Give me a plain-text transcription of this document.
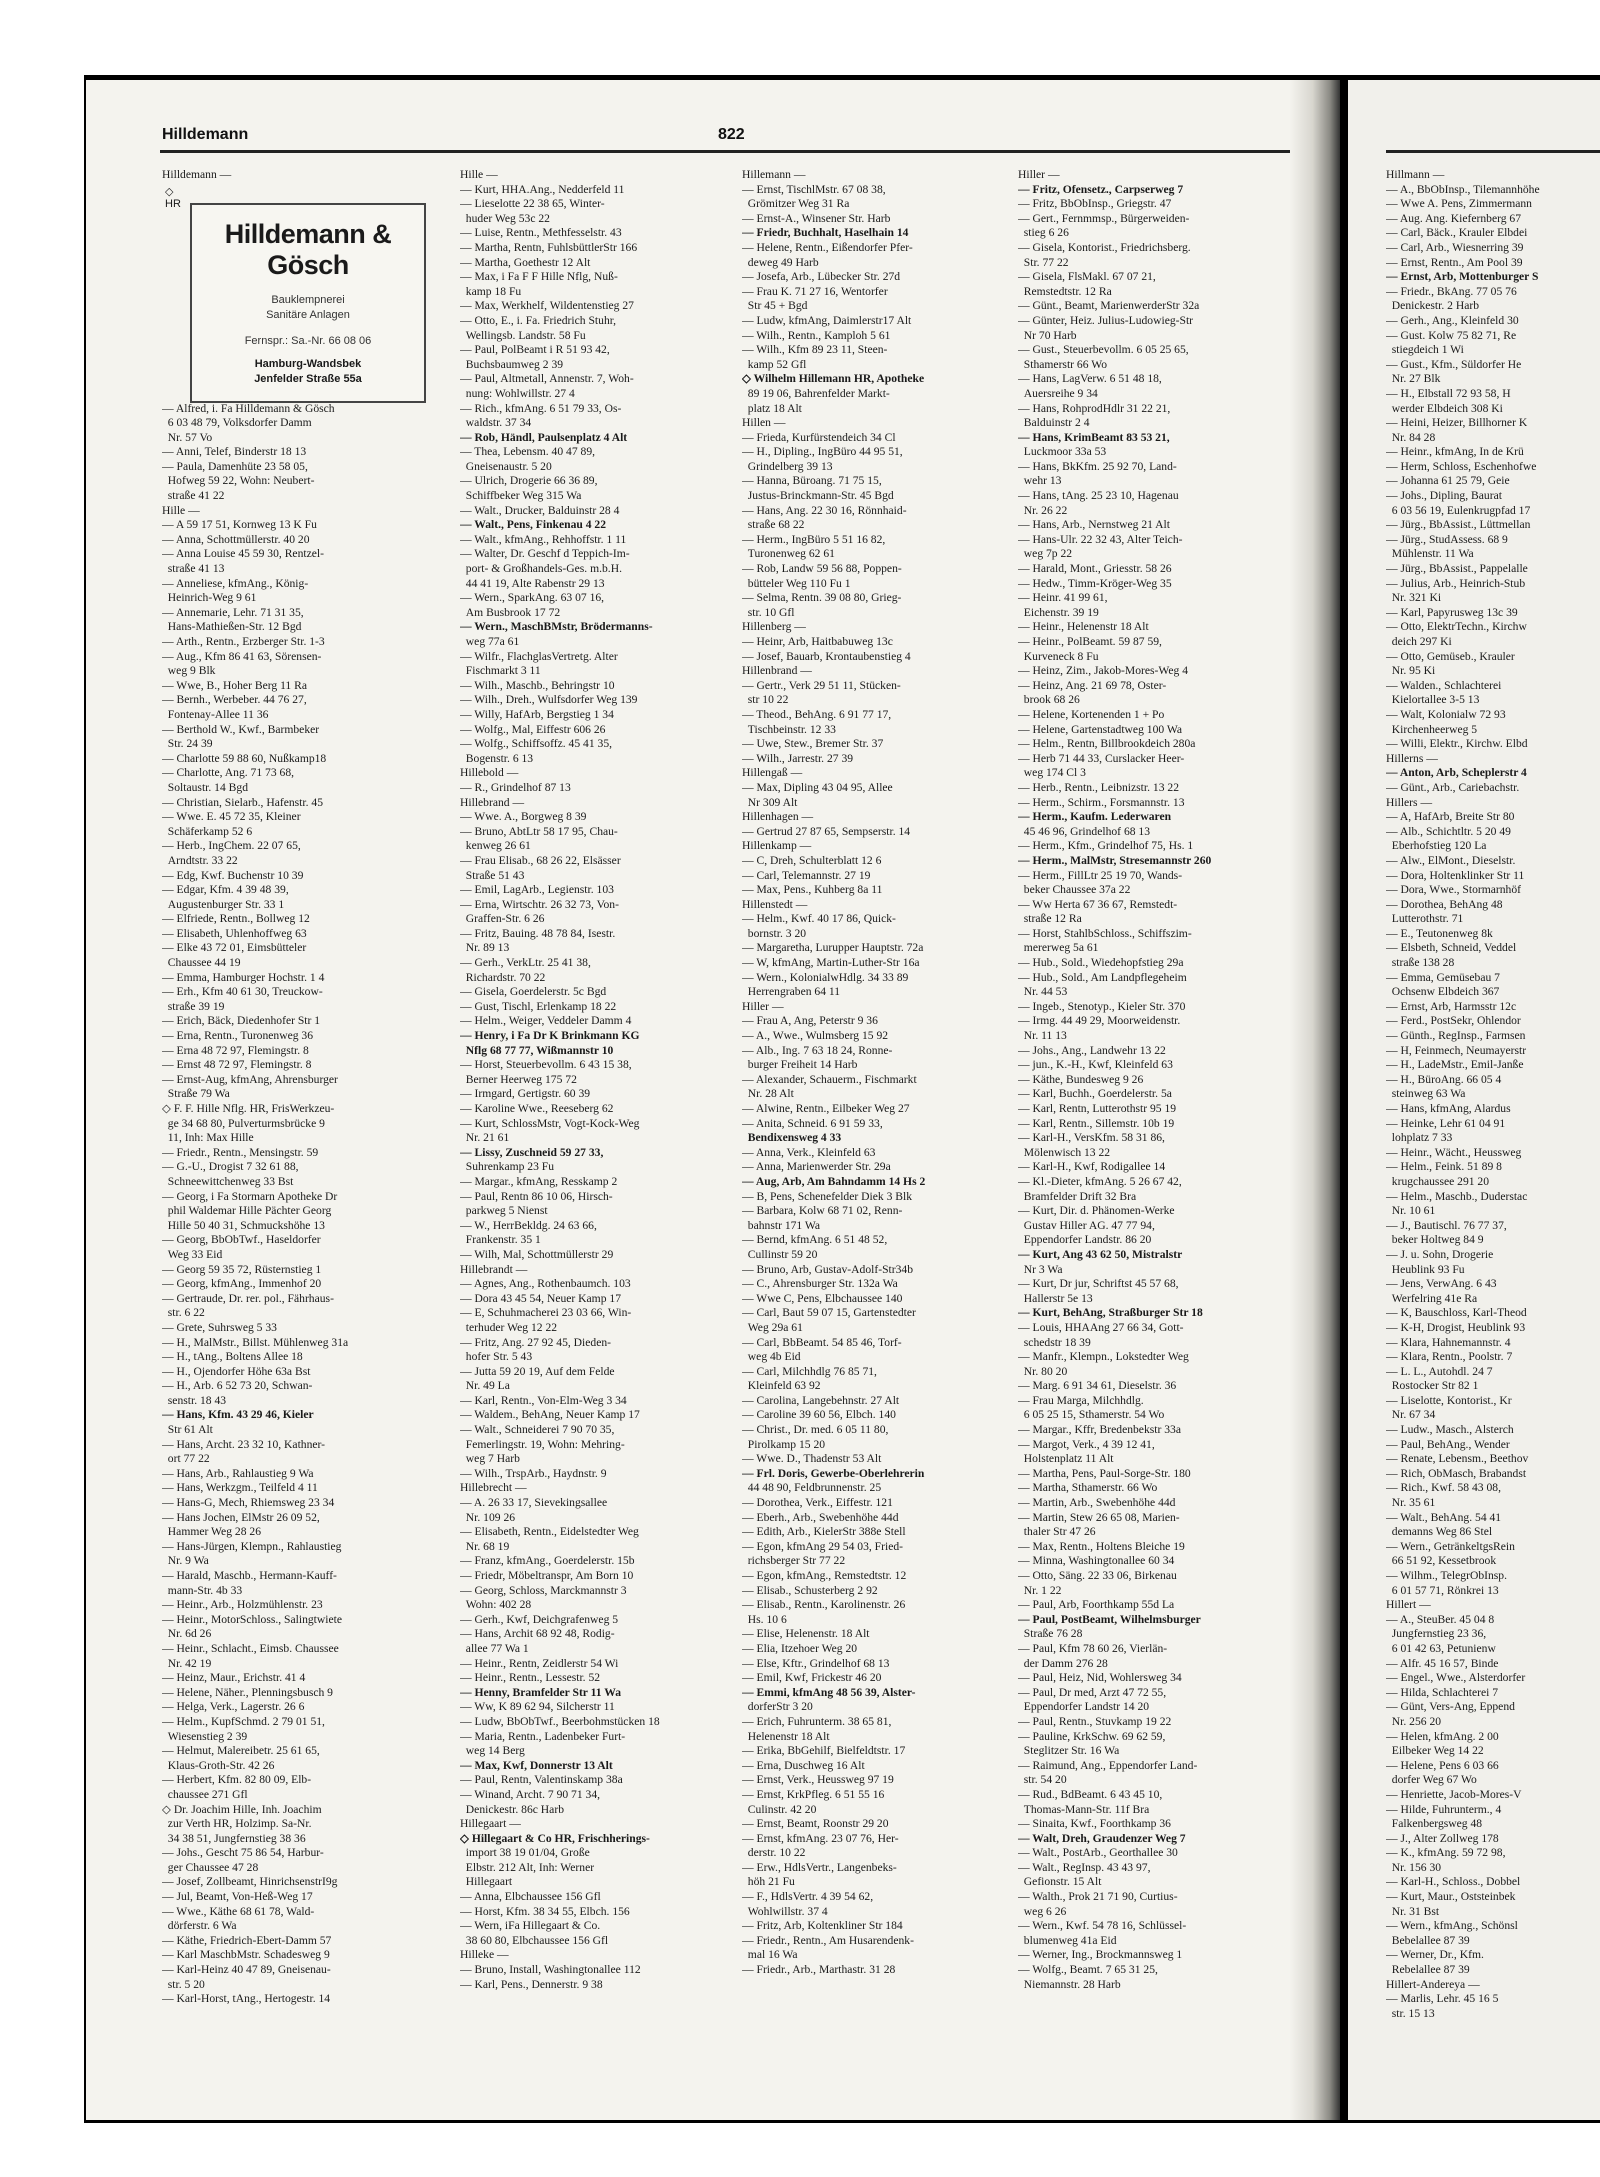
Hilldemann	822
◇
HR
Hilldemann & Gösch
Bauklempnerei
Sanitäre Anlagen
Fernspr.: Sa.-Nr. 66 08 06
Hamburg-Wandsbek
Jenfelder Straße 55a
Hilldemann —

— Alfred, i. Fa Hilldemann & Gösch
6 03 48 79, Volksdorfer Damm
Nr. 57 Vo
— Anni, Telef, Binderstr 18 13
— Paula, Damenhüte 23 58 05,
Hofweg 59 22, Wohn: Neubert-
straße 41 22
Hille —
— A 59 17 51, Kornweg 13 K Fu
— Anna, Schottmüllerstr. 40 20
— Anna Louise 45 59 30, Rentzel-
straße 41 13
— Anneliese, kfmAng., König-
Heinrich-Weg 9 61
— Annemarie, Lehr. 71 31 35,
Hans-Mathießen-Str. 12 Bgd
— Arth., Rentn., Erzberger Str. 1-3
— Aug., Kfm 86 41 63, Sörensen-
weg 9 Blk
— Wwe, B., Hoher Berg 11 Ra
— Bernh., Werbeber. 44 76 27,
Fontenay-Allee 11 36
— Berthold W., Kwf., Barmbeker
Str. 24 39
— Charlotte 59 88 60, Nußkamp18
— Charlotte, Ang. 71 73 68,
Soltaustr. 14 Bgd
— Christian, Sielarb., Hafenstr. 45
— Wwe. E. 45 72 35, Kleiner
Schäferkamp 52 6
— Herb., IngChem. 22 07 65,
Arndtstr. 33 22
— Edg, Kwf. Buchenstr 10 39
— Edgar, Kfm. 4 39 48 39,
Augustenburger Str. 33 1
— Elfriede, Rentn., Bollweg 12
— Elisabeth, Uhlenhoffweg 63
— Elke 43 72 01, Eimsbütteler
Chaussee 44 19
— Emma, Hamburger Hochstr. 1 4
— Erh., Kfm 40 61 30, Treuckow-
straße 39 19
— Erich, Bäck, Diedenhofer Str 1
— Erna, Rentn., Turonenweg 36
— Erna 48 72 97, Flemingstr. 8
— Ernst 48 72 97, Flemingstr. 8
— Ernst-Aug, kfmAng, Ahrensburger
Straße 79 Wa
◇ F. F. Hille Nflg. HR, FrisWerkzeu-
ge 34 68 80, Pulverturmsbrücke 9
11, Inh: Max Hille
— Friedr., Rentn., Mensingstr. 59
— G.-U., Drogist 7 32 61 88,
Schneewittchenweg 33 Bst
— Georg, i Fa Stormarn Apotheke Dr
phil Waldemar Hille Pächter Georg
Hille 50 40 31, Schmuckshöhe 13
— Georg, BbObTwf., Haseldorfer
Weg 33 Eid
— Georg 59 35 72, Rüsternstieg 1
— Georg, kfmAng., Immenhof 20
— Gertraude, Dr. rer. pol., Fährhaus-
str. 6 22
— Grete, Suhrsweg 5 33
— H., MalMstr., Billst. Mühlenweg 31a
— H., tAng., Boltens Allee 18
— H., Ojendorfer Höhe 63a Bst
— H., Arb. 6 52 73 20, Schwan-
senstr. 18 43
— Hans, Kfm. 43 29 46, Kieler
Str 61 Alt
— Hans, Archt. 23 32 10, Kathner-
ort 77 22
— Hans, Arb., Rahlaustieg 9 Wa
— Hans, Werkzgm., Teilfeld 4 11
— Hans-G, Mech, Rhiemsweg 23 34
— Hans Jochen, ElMstr 26 09 52,
Hammer Weg 28 26
— Hans-Jürgen, Klempn., Rahlaustieg
Nr. 9 Wa
— Harald, Maschb., Hermann-Kauff-
mann-Str. 4b 33
— Heinr., Arb., Holzmühlenstr. 23
— Heinr., MotorSchloss., Salingtwiete
Nr. 6d 26
— Heinr., Schlacht., Eimsb. Chaussee
Nr. 42 19
— Heinz, Maur., Erichstr. 41 4
— Helene, Näher., Plenningsbusch 9
— Helga, Verk., Lagerstr. 26 6
— Helm., KupfSchmd. 2 79 01 51,
Wiesenstieg 2 39
— Helmut, Malereibetr. 25 61 65,
Klaus-Groth-Str. 42 26
— Herbert, Kfm. 82 80 09, Elb-
chaussee 271 Gfl
◇ Dr. Joachim Hille, Inh. Joachim
zur Verth HR, Holzimp. Sa-Nr.
34 38 51, Jungfernstieg 38 36
— Johs., Gescht 75 86 54, Harbur-
ger Chaussee 47 28
— Josef, Zollbeamt, HinrichsenstrI9g
— Jul, Beamt, Von-Heß-Weg 17
— Wwe., Käthe 68 61 78, Wald-
dörferstr. 6 Wa
— Käthe, Friedrich-Ebert-Damm 57
— Karl MaschbMstr. Schadesweg 9
— Karl-Heinz 40 47 89, Gneisenau-
str. 5 20
— Karl-Horst, tAng., Hertogestr. 14
Hille —
— Kurt, HHA.Ang., Nedderfeld 11
— Lieselotte 22 38 65, Winter-
huder Weg 53c 22
— Luise, Rentn., Methfesselstr. 43
— Martha, Rentn, FuhlsbüttlerStr 166
— Martha, Goethestr 12 Alt
— Max, i Fa F F Hille Nflg, Nuß-
kamp 18 Fu
— Max, Werkhelf, Wildentenstieg 27
— Otto, E., i. Fa. Friedrich Stuhr,
Wellingsb. Landstr. 58 Fu
— Paul, PolBeamt i R 51 93 42,
Buchsbaumweg 2 39
— Paul, Altmetall, Annenstr. 7, Woh-
nung: Wohlwillstr. 27 4
— Rich., kfmAng. 6 51 79 33, Os-
waldstr. 37 34
— Rob, Händl, Paulsenplatz 4 Alt
— Thea, Lebensm. 40 47 89,
Gneisenaustr. 5 20
— Ulrich, Drogerie 66 36 89,
Schiffbeker Weg 315 Wa
— Walt., Drucker, Balduinstr 28 4
— Walt., Pens, Finkenau 4 22
— Walt., kfmAng., Rehhoffstr. 1 11
— Walter, Dr. Geschf d Teppich-Im-
port- & Großhandels-Ges. m.b.H.
44 41 19, Alte Rabenstr 29 13
— Wern., SparkAng. 63 07 16,
Am Busbrook 17 72
— Wern., MaschBMstr, Brödermanns-
weg 77a 61
— Wilfr., FlachglasVertretg. Alter
Fischmarkt 3 11
— Wilh., Maschb., Behringstr 10
— Wilh., Dreh., Wulfsdorfer Weg 139
— Willy, HafArb, Bergstieg 1 34
— Wolfg., Mal, Eiffestr 606 26
— Wolfg., Schiffsoffz. 45 41 35,
Bogenstr. 6 13
Hillebold —
— R., Grindelhof 87 13
Hillebrand —
— Wwe. A., Borgweg 8 39
— Bruno, AbtLtr 58 17 95, Chau-
kenweg 26 61
— Frau Elisab., 68 26 22, Elsässer
Straße 51 43
— Emil, LagArb., Legienstr. 103
— Erna, Wirtschtr. 26 32 73, Von-
Graffen-Str. 6 26
— Fritz, Bauing. 48 78 84, Isestr.
Nr. 89 13
— Gerh., VerkLtr. 25 41 38,
Richardstr. 70 22
— Gisela, Goerdelerstr. 5c Bgd
— Gust, Tischl, Erlenkamp 18 22
— Helm., Weiger, Veddeler Damm 4
— Henry, i Fa Dr K Brinkmann KG
Nflg 68 77 77, Wißmannstr 10
— Horst, Steuerbevollm. 6 43 15 38,
Berner Heerweg 175 72
— Irmgard, Gertigstr. 60 39
— Karoline Wwe., Reeseberg 62
— Kurt, SchlossMstr, Vogt-Kock-Weg
Nr. 21 61
— Lissy, Zuschneid 59 27 33,
Suhrenkamp 23 Fu
— Margar., kfmAng, Resskamp 2
— Paul, Rentn 86 10 06, Hirsch-
parkweg 5 Nienst
— W., HerrBekldg. 24 63 66,
Frankenstr. 35 1
— Wilh, Mal, Schottmüllerstr 29
Hillebrandt —
— Agnes, Ang., Rothenbaumch. 103
— Dora 43 45 54, Neuer Kamp 17
— E, Schuhmacherei 23 03 66, Win-
terhuder Weg 12 22
— Fritz, Ang. 27 92 45, Dieden-
hofer Str. 5 43
— Jutta 59 20 19, Auf dem Felde
Nr. 49 La
— Karl, Rentn., Von-Elm-Weg 3 34
— Waldem., BehAng, Neuer Kamp 17
— Walt., Schneiderei 7 90 70 35,
Femerlingstr. 19, Wohn: Mehring-
weg 7 Harb
— Wilh., TrspArb., Haydnstr. 9
Hillebrecht —
— A. 26 33 17, Sievekingsallee
Nr. 109 26
— Elisabeth, Rentn., Eidelstedter Weg
Nr. 68 19
— Franz, kfmAng., Goerdelerstr. 15b
— Friedr, Möbeltranspr, Am Born 10
— Georg, Schloss, Marckmannstr 3
Wohn: 402 28
— Gerh., Kwf, Deichgrafenweg 5
— Hans, Archit 68 92 48, Rodig-
allee 77 Wa 1
— Heinr., Rentn, Zeidlerstr 54 Wi
— Heinr., Rentn., Lessestr. 52
— Henny, Bramfelder Str 11 Wa
— Ww, K 89 62 94, Silcherstr 11
— Ludw, BbObTwf., Beerbohmstücken 18
— Maria, Rentn., Ladenbeker Furt-
weg 14 Berg
— Max, Kwf, Donnerstr 13 Alt
— Paul, Rentn, Valentinskamp 38a
— Winand, Archt. 7 90 71 34,
Denickestr. 86c Harb
Hillegaart —
◇ Hillegaart & Co HR, Frischherings-
import 38 19 01/04, Große
Elbstr. 212 Alt, Inh: Werner
Hillegaart
— Anna, Elbchaussee 156 Gfl
— Horst, Kfm. 38 34 55, Elbch. 156
— Wern, iFa Hillegaart & Co.
38 60 80, Elbchaussee 156 Gfl
Hilleke —
— Bruno, Install, Washingtonallee 112
— Karl, Pens., Dennerstr. 9 38
Hillemann —
— Ernst, TischlMstr. 67 08 38,
Grömitzer Weg 31 Ra
— Ernst-A., Winsener Str. Harb
— Friedr, Buchhalt, Haselhain 14
— Helene, Rentn., Eißendorfer Pfer-
deweg 49 Harb
— Josefa, Arb., Lübecker Str. 27d
— Frau K. 71 27 16, Wentorfer
Str 45 + Bgd
— Ludw, kfmAng, Daimlerstr17 Alt
— Wilh., Rentn., Kamploh 5 61
— Wilh., Kfm 89 23 11, Steen-
kamp 52 Gfl
◇ Wilhelm Hillemann HR, Apotheke
89 19 06, Bahrenfelder Markt-
platz 18 Alt
Hillen —
— Frieda, Kurfürstendeich 34 Cl
— H., Dipling., IngBüro 44 95 51,
Grindelberg 39 13
— Hanna, Büroang. 71 75 15,
Justus-Brinckmann-Str. 45 Bgd
— Hans, Ang. 22 30 16, Rönnhaid-
straße 68 22
— Herm., IngBüro 5 51 16 82,
Turonenweg 62 61
— Rob, Landw 59 56 88, Poppen-
bütteler Weg 110 Fu 1
— Selma, Rentn. 39 08 80, Grieg-
str. 10 Gfl
Hillenberg —
— Heinr, Arb, Haitbabuweg 13c
— Josef, Bauarb, Krontaubenstieg 4
Hillenbrand —
— Gertr., Verk 29 51 11, Stücken-
str 10 22
— Theod., BehAng. 6 91 77 17,
Tischbeinstr. 12 33
— Uwe, Stew., Bremer Str. 37
— Wilh., Jarrestr. 27 39
Hillengaß —
— Max, Dipling 43 04 95, Allee
Nr 309 Alt
Hillenhagen —
— Gertrud 27 87 65, Sempserstr. 14
Hillenkamp —
— C, Dreh, Schulterblatt 12 6
— Carl, Telemannstr. 27 19
— Max, Pens., Kuhberg 8a 11
Hillenstedt —
— Helm., Kwf. 40 17 86, Quick-
bornstr. 3 20
— Margaretha, Lurupper Hauptstr. 72a
— W, kfmAng, Martin-Luther-Str 16a
— Wern., KolonialwHdlg. 34 33 89
Herrengraben 64 11
Hiller —
— Frau A, Ang, Peterstr 9 36
— A., Wwe., Wulmsberg 15 92
— Alb., Ing. 7 63 18 24, Ronne-
burger Freiheit 14 Harb
— Alexander, Schauerm., Fischmarkt
Nr. 28 Alt
— Alwine, Rentn., Eilbeker Weg 27
— Anita, Schneid. 6 91 59 33,
Bendixensweg 4 33
— Anna, Verk., Kleinfeld 63
— Anna, Marienwerder Str. 29a
— Aug, Arb, Am Bahndamm 14 Hs 2
— B, Pens, Schenefelder Diek 3 Blk
— Barbara, Kolw 68 71 02, Renn-
bahnstr 171 Wa
— Bernd, kfmAng. 6 51 48 52,
Cullinstr 59 20
— Bruno, Arb, Gustav-Adolf-Str34b
— C., Ahrensburger Str. 132a Wa
— Wwe C, Pens, Elbchaussee 140
— Carl, Baut 59 07 15, Gartenstedter
Weg 29a 61
— Carl, BbBeamt. 54 85 46, Torf-
weg 4b Eid
— Carl, Milchhdlg 76 85 71,
Kleinfeld 63 92
— Carolina, Langebehnstr. 27 Alt
— Caroline 39 60 56, Elbch. 140
— Christ., Dr. med. 6 05 11 80,
Pirolkamp 15 20
— Wwe. D., Thadenstr 53 Alt
— Frl. Doris, Gewerbe-Oberlehrerin
44 48 90, Feldbrunnenstr. 25
— Dorothea, Verk., Eiffestr. 121
— Eberh., Arb., Swebenhöhe 44d
— Edith, Arb., KielerStr 388e Stell
— Egon, kfmAng 29 54 03, Fried-
richsberger Str 77 22
— Egon, kfmAng., Remstedtstr. 12
— Elisab., Schusterberg 2 92
— Elisab., Rentn., Karolinenstr. 26
Hs. 10 6
— Elise, Helenenstr. 18 Alt
— Elia, Itzehoer Weg 20
— Else, Kftr., Grindelhof 68 13
— Emil, Kwf, Frickestr 46 20
— Emmi, kfmAng 48 56 39, Alster-
dorferStr 3 20
— Erich, Fuhrunterm. 38 65 81,
Helenenstr 18 Alt
— Erika, BbGehilf, Bielfeldtstr. 17
— Erna, Duschweg 16 Alt
— Ernst, Verk., Heussweg 97 19
— Ernst, KrkPfleg. 6 51 55 16
Culinstr. 42 20
— Ernst, Beamt, Roonstr 29 20
— Ernst, kfmAng. 23 07 76, Her-
derstr. 10 22
— Erw., HdlsVertr., Langenbeks-
höh 21 Fu
— F., HdlsVertr. 4 39 54 62,
Wohlwillstr. 37 4
— Fritz, Arb, Koltenkliner Str 184
— Friedr., Rentn., Am Husarendenk-
mal 16 Wa
— Friedr., Arb., Marthastr. 31 28
Hiller —
— Fritz, Ofensetz., Carpserweg 7
— Fritz, BbObInsp., Griegstr. 47
— Gert., Fernmmsp., Bürgerweiden-
stieg 6 26
— Gisela, Kontorist., Friedrichsberg.
Str. 77 22
— Gisela, FlsMakl. 67 07 21,
Remstedtstr. 12 Ra
— Günt., Beamt, MarienwerderStr 32a
— Günter, Heiz. Julius-Ludowieg-Str
Nr 70 Harb
— Gust., Steuerbevollm. 6 05 25 65,
Sthamerstr 66 Wo
— Hans, LagVerw. 6 51 48 18,
Auersreihe 9 34
— Hans, RohprodHdlr 31 22 21,
Balduinstr 2 4
— Hans, KrimBeamt 83 53 21,
Luckmoor 33a 53
— Hans, BkKfm. 25 92 70, Land-
wehr 13
— Hans, tAng. 25 23 10, Hagenau
Nr. 26 22
— Hans, Arb., Nernstweg 21 Alt
— Hans-Ulr. 22 32 43, Alter Teich-
weg 7p 22
— Harald, Mont., Griesstr. 58 26
— Hedw., Timm-Kröger-Weg 35
— Heinr. 41 99 61,
Eichenstr. 39 19
— Heinr., Helenenstr 18 Alt
— Heinr., PolBeamt. 59 87 59,
Kurveneck 8 Fu
— Heinz, Zim., Jakob-Mores-Weg 4
— Heinz, Ang. 21 69 78, Oster-
brook 68 26
— Helene, Kortenenden 1 + Po
— Helene, Gartenstadtweg 100 Wa
— Helm., Rentn, Billbrookdeich 280a
— Herb 71 44 33, Curslacker Heer-
weg 174 Cl 3
— Herb., Rentn., Leibnizstr. 13 22
— Herm., Schirm., Forsmannstr. 13
— Herm., Kaufm. Lederwaren
45 46 96, Grindelhof 68 13
— Herm., Kfm., Grindelhof 75, Hs. 1
— Herm., MalMstr, Stresemannstr 260
— Herm., FillLtr 25 19 70, Wands-
beker Chaussee 37a 22
— Ww Herta 67 36 67, Remstedt-
straße 12 Ra
— Horst, StahlbSchloss., Schiffszim-
mererweg 5a 61
— Hub., Sold., Wiedehopfstieg 29a
— Hub., Sold., Am Landpflegeheim
Nr. 44 53
— Ingeb., Stenotyp., Kieler Str. 370
— Irmg. 44 49 29, Moorweidenstr.
Nr. 11 13
— Johs., Ang., Landwehr 13 22
— jun., K.-H., Kwf, Kleinfeld 63
— Käthe, Bundesweg 9 26
— Karl, Buchh., Goerdelerstr. 5a
— Karl, Rentn, Lutterothstr 95 19
— Karl, Rentn., Sillemstr. 10b 19
— Karl-H., VersKfm. 58 31 86,
Mölenwisch 13 22
— Karl-H., Kwf, Rodigallee 14
— Kl.-Dieter, kfmAng. 5 26 67 42,
Bramfelder Drift 32 Bra
— Kurt, Dir. d. Phänomen-Werke
Gustav Hiller AG. 47 77 94,
Eppendorfer Landstr. 86 20
— Kurt, Ang 43 62 50, Mistralstr
Nr 3 Wa
— Kurt, Dr jur, Schriftst 45 57 68,
Hallerstr 5e 13
— Kurt, BehAng, Straßburger Str 18
— Louis, HHAAng 27 66 34, Gott-
schedstr 18 39
— Manfr., Klempn., Lokstedter Weg
Nr. 80 20
— Marg. 6 91 34 61, Dieselstr. 36
— Frau Marga, Milchhdlg.
6 05 25 15, Sthamerstr. 54 Wo
— Margar., Kffr, Bredenbekstr 33a
— Margot, Verk., 4 39 12 41,
Holstenplatz 11 Alt
— Martha, Pens, Paul-Sorge-Str. 180
— Martha, Sthamerstr. 66 Wo
— Martin, Arb., Swebenhöhe 44d
— Martin, Stew 26 65 08, Marien-
thaler Str 47 26
— Max, Rentn., Holtens Bleiche 19
— Minna, Washingtonallee 60 34
— Otto, Säng. 22 33 06, Birkenau
Nr. 1 22
— Paul, Arb, Foorthkamp 55d La
— Paul, PostBeamt, Wilhelmsburger
Straße 76 28
— Paul, Kfm 78 60 26, Vierlän-
der Damm 276 28
— Paul, Heiz, Nid, Wohlersweg 34
— Paul, Dr med, Arzt 47 72 55,
Eppendorfer Landstr 14 20
— Paul, Rentn., Stuvkamp 19 22
— Pauline, KrkSchw. 69 62 59,
Steglitzer Str. 16 Wa
— Raimund, Ang., Eppendorfer Land-
str. 54 20
— Rud., BdBeamt. 6 43 45 10,
Thomas-Mann-Str. 11f Bra
— Sinaita, Kwf., Foorthkamp 36
— Walt, Dreh, Graudenzer Weg 7
— Walt., PostArb., Georthallee 30
— Walt., RegInsp. 43 43 97,
Gefionstr. 15 Alt
— Walth., Prok 21 71 90, Curtius-
weg 6 26
— Wern., Kwf. 54 78 16, Schlüssel-
blumenweg 41a Eid
— Werner, Ing., Brockmannsweg 1
— Wolfg., Beamt. 7 65 31 25,
Niemannstr. 28 Harb
Hillmann —
— A., BbObInsp., Tilemannhöhe
— Wwe A. Pens, Zimmermann
— Aug. Ang. Kiefernberg 67
— Carl, Bäck., Krauler Elbdei
— Carl, Arb., Wiesnerring 39
— Ernst, Rentn., Am Pool 39
— Ernst, Arb, Mottenburger S
— Friedr., BkAng. 77 05 76
Denickestr. 2 Harb
— Gerh., Ang., Kleinfeld 30
— Gust. Kolw 75 82 71, Re
stiegdeich 1 Wi
— Gust., Kfm., Süldorfer He
Nr. 27 Blk
— H., Elbstall 72 93 58, H
werder Elbdeich 308 Ki
— Heini, Heizer, Billhorner K
Nr. 84 28
— Heinr., kfmAng, In de Krü
— Herm, Schloss, Eschenhofwe
— Johanna 61 25 79, Geie
— Johs., Dipling, Baurat
6 03 56 19, Eulenkrugpfad 17
— Jürg., BbAssist., Lüttmellan
— Jürg., StudAssess. 68 9
Mühlenstr. 11 Wa
— Jürg., BbAssist., Pappelalle
— Julius, Arb., Heinrich-Stub
Nr. 321 Ki
— Karl, Papyrusweg 13c 39
— Otto, ElektrTechn., Kirchw
deich 297 Ki
— Otto, Gemüseb., Krauler
Nr. 95 Ki
— Walden., Schlachterei
Kielortallee 3-5 13
— Walt, Kolonialw 72 93
Kirchenheerweg 5
— Willi, Elektr., Kirchw. Elbd
Hillerns —
— Anton, Arb, Scheplerstr 4
— Günt., Arb., Cariebachstr.
Hillers —
— A, HafArb, Breite Str 80
— Alb., Schichtltr. 5 20 49
Eberhofstieg 120 La
— Alw., ElMont., Dieselstr.
— Dora, Holtenklinker Str 11
— Dora, Wwe., Stormarnhöf
— Dorothea, BehAng 48
Lutterothstr. 71
— E., Teutonenweg 8k
— Elsbeth, Schneid, Veddel
straße 138 28
— Emma, Gemüsebau 7
Ochsenw Elbdeich 367
— Ernst, Arb, Harmsstr 12c
— Ferd., PostSekr, Ohlendor
— Günth., RegInsp., Farmsen
— H, Feinmech, Neumayerstr
— H., LadeMstr., Emil-Janße
— H., BüroAng. 66 05 4
steinweg 63 Wa
— Hans, kfmAng, Alardus
— Heinke, Lehr 61 04 91
lohplatz 7 33
— Heinr., Wächt., Heussweg
— Helm., Feink. 51 89 8
krugchaussee 291 20
— Helm., Maschb., Duderstac
Nr. 10 61
— J., Bautischl. 76 77 37,
beker Holtweg 84 9
— J. u. Sohn, Drogerie
Heublink 93 Fu
— Jens, VerwAng. 6 43
Werfelring 41e Ra
— K, Bauschloss, Karl-Theod
— K-H, Drogist, Heublink 93
— Klara, Hahnemannstr. 4
— Klara, Rentn., Poolstr. 7
— L. L., Autohdl. 24 7
Rostocker Str 82 1
— Liselotte, Kontorist., Kr
Nr. 67 34
— Ludw., Masch., Alsterch
— Paul, BehAng., Wender
— Renate, Lebensm., Beethov
— Rich, ObMasch, Brabandst
— Rich., Kwf. 58 43 08,
Nr. 35 61
— Walt., BehAng. 54 41
demanns Weg 86 Stel
— Wern., GetränkeltgsRein
66 51 92, Kessetbrook
— Wilhm., TelegrObInsp.
6 01 57 71, Rönkrei 13
Hillert —
— A., SteuBer. 45 04 8
Jungfernstieg 23 36,
6 01 42 63, Petunienw
— Alfr. 45 16 57, Binde
— Engel., Wwe., Alsterdorfer
— Hilda, Schlachterei 7
— Günt, Vers-Ang, Eppend
Nr. 256 20
— Helen, kfmAng. 2 00
Eilbeker Weg 14 22
— Helene, Pens 6 03 66
dorfer Weg 67 Wo
— Henriette, Jacob-Mores-V
— Hilde, Fuhrunterm., 4
Falkenbergsweg 48
— J., Alter Zollweg 178
— K., kfmAng. 59 72 98,
Nr. 156 30
— Karl-H., Schloss., Dobbel
— Kurt, Maur., Oststeinbek
Nr. 31 Bst
— Wern., kfmAng., Schönsl
Bebelallee 87 39
— Werner, Dr., Kfm.
Rebelallee 87 39
Hillert-Andereya —
— Marlis, Lehr. 45 16 5
str. 15 13
